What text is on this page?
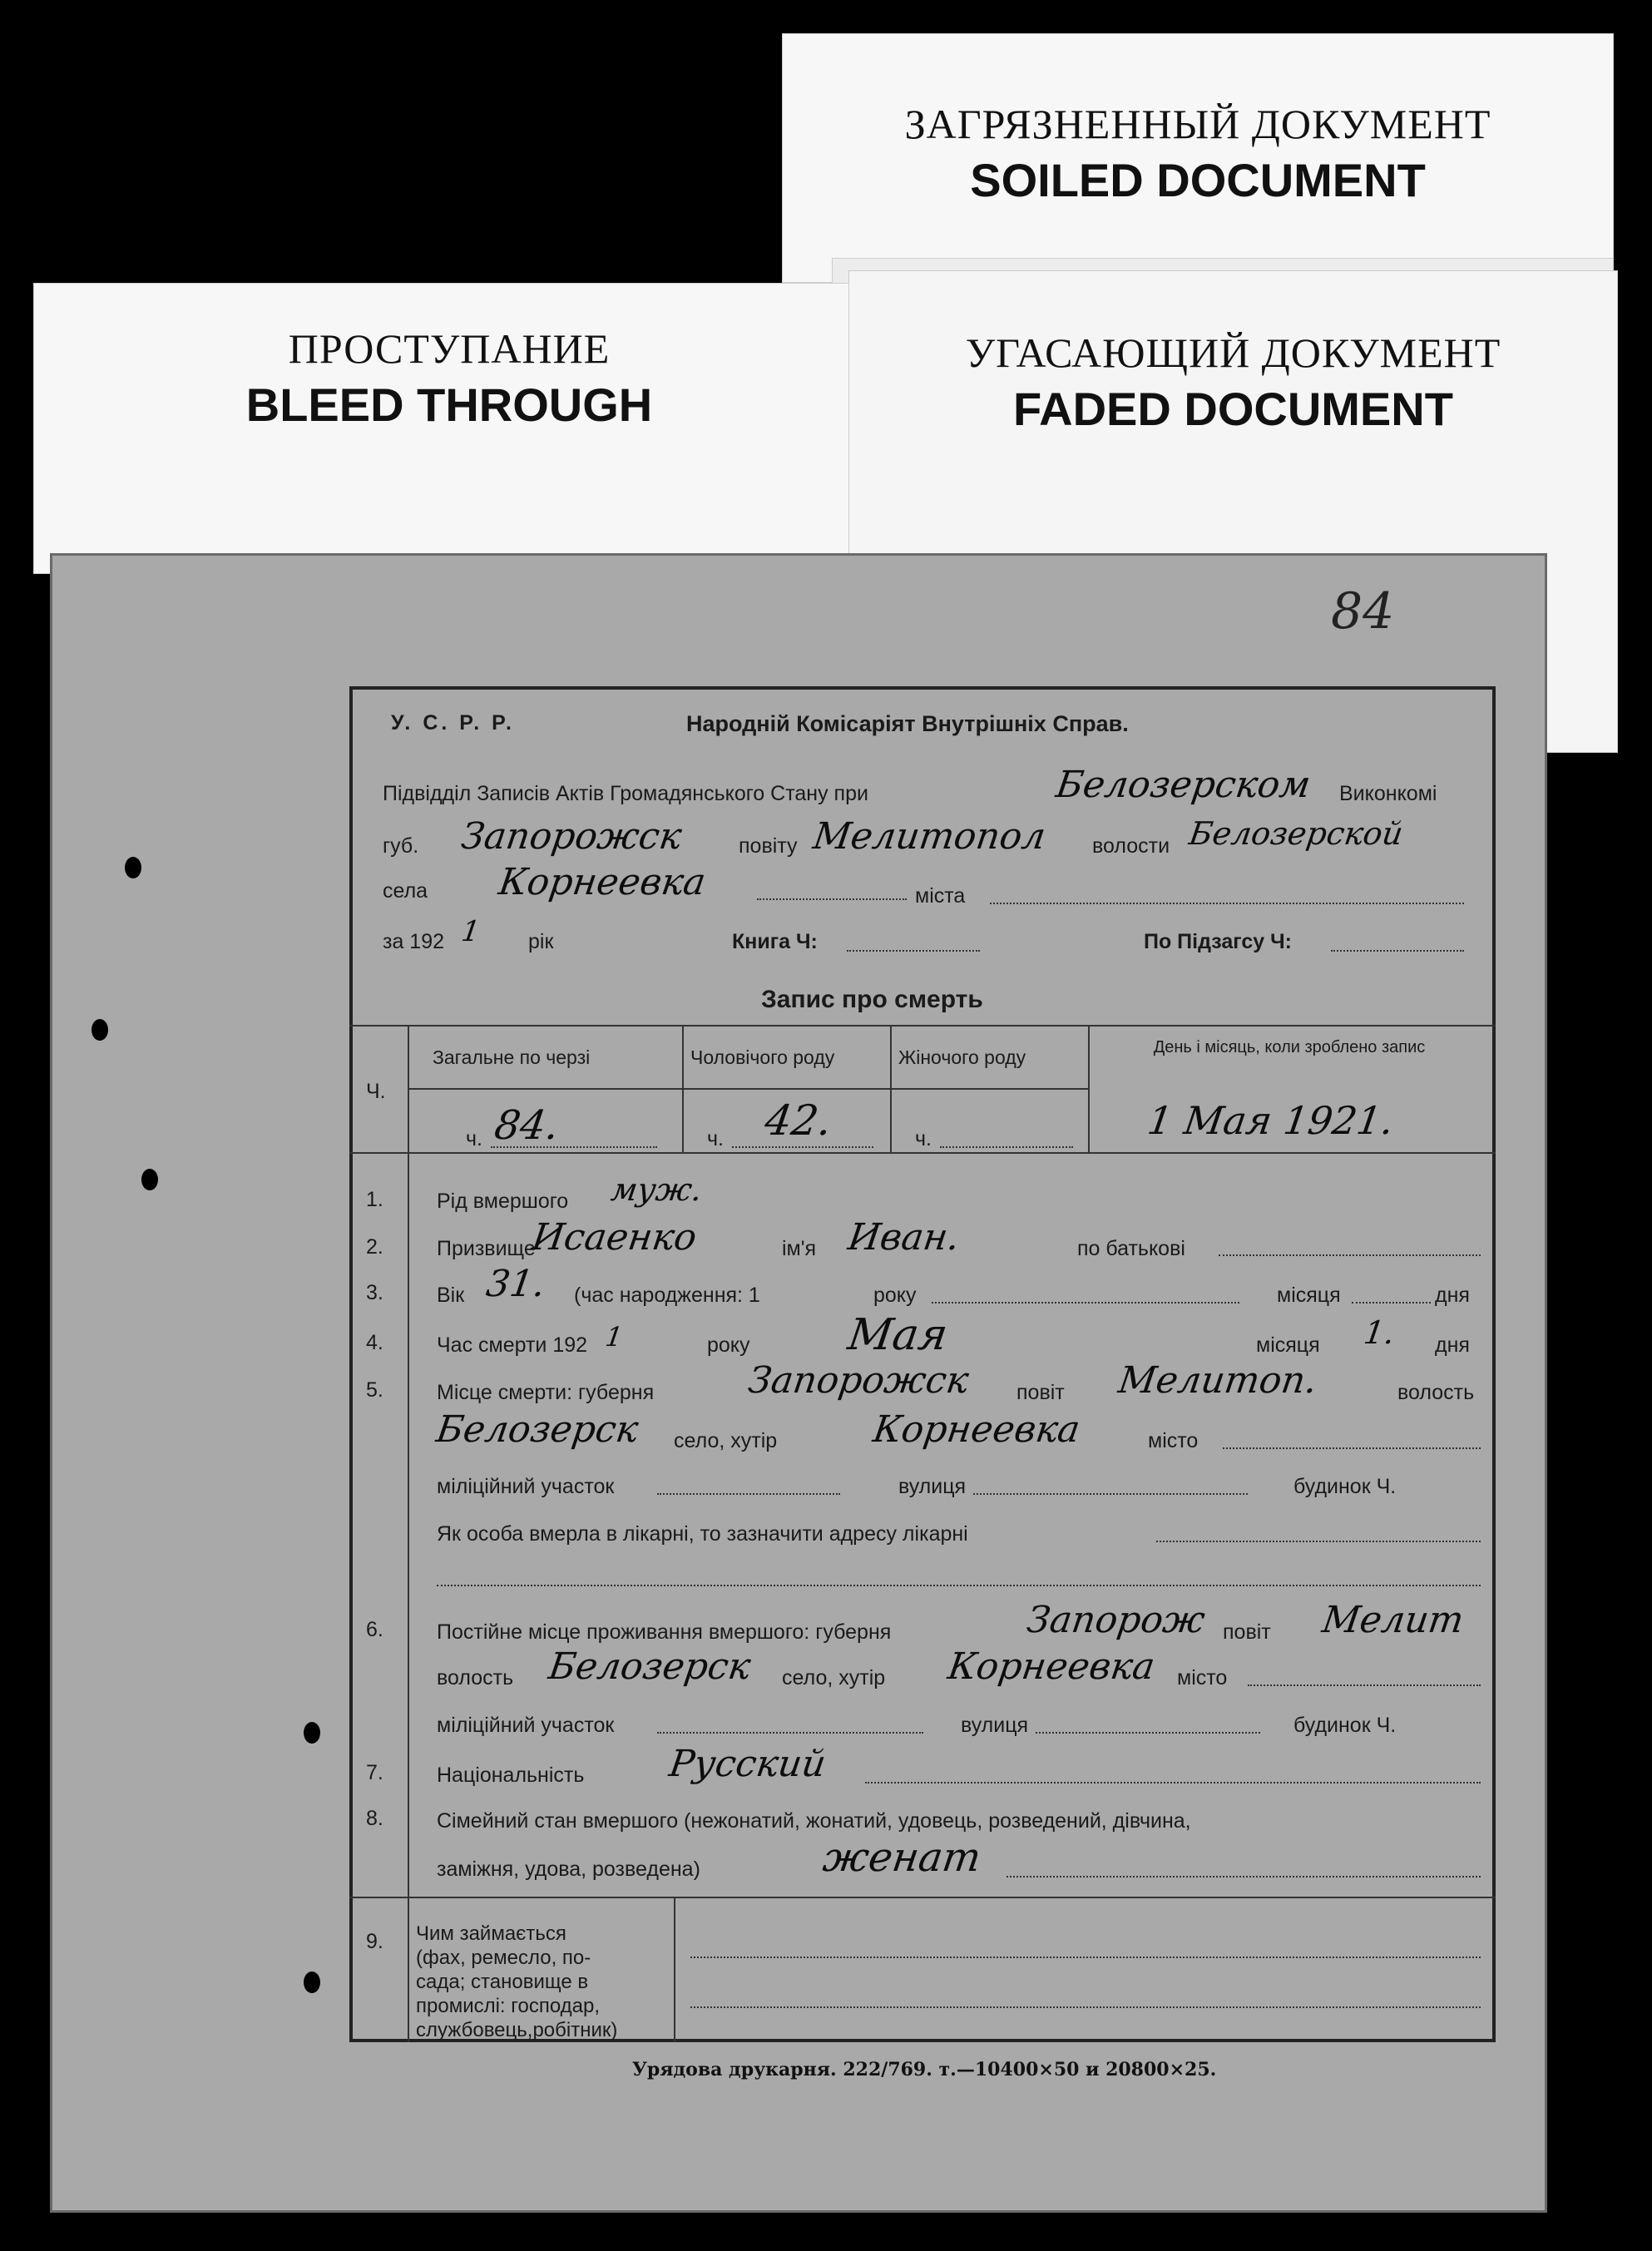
ЗАГРЯЗНЕННЫЙ ДОКУМЕНТ
SOILED DOCUMENT
ПРОСТУПАНИЕ
BLEED THROUGH
УГАСАЮЩИЙ ДОКУМЕНТ
FADED DOCUMENT
84
У. С. Р. Р.	Народній Комісаріят Внутрішніх Справ.
Підвідділ Записів Актів Громадянського Стану при	Белозерском Виконкомі
губ. Запорожск	повіту Мелитопол волости Белозерской
села Корнеевка	міста
за 192 1 рік	Книга Ч:	По Підзагсу Ч:
Запис про смерть
Ч.
Загальне по черзі	Чоловічого роду	Жіночого роду	День і місяць, коли зроблено запис
ч. 84.	ч. 42.	ч.	1 Мая 1921.
1.	Рід вмершого муж.
2.	Призвище
Исаенко	ім'я Иван.	по батькові
3.	Вік 31. (час народження: 1	року	місяця	дня
4.	Час смерти 192 1	року Мая	місяця 1. дня
5.	Місце смерти: губерня	Запорожск повіт Мелитоп.	волость
Белозерск село, хутір	Корнеевка	місто
міліційний участок	вулиця	будинок Ч.
Як особа вмерла в лікарні, то зазначити адресу лікарні
6.	Постійне місце проживання вмершого: губерня	Запорож повіт Мелит
волость Белозерск село, хутір Корнеевка місто
міліційний участок	вулиця	будинок Ч.
7.	Національність Русский
8.	Сімейний стан вмершого (нежонатий, жонатий, удовець, розведений, дівчина,
заміжня, удова, розведена)	женат
9. Чим займається
(фах, ремесло, по-
сада; становище в
промислі: господар,
службовець,робітник)
Урядова друкарня. 222/769. т.—10400×50 и 20800×25.
